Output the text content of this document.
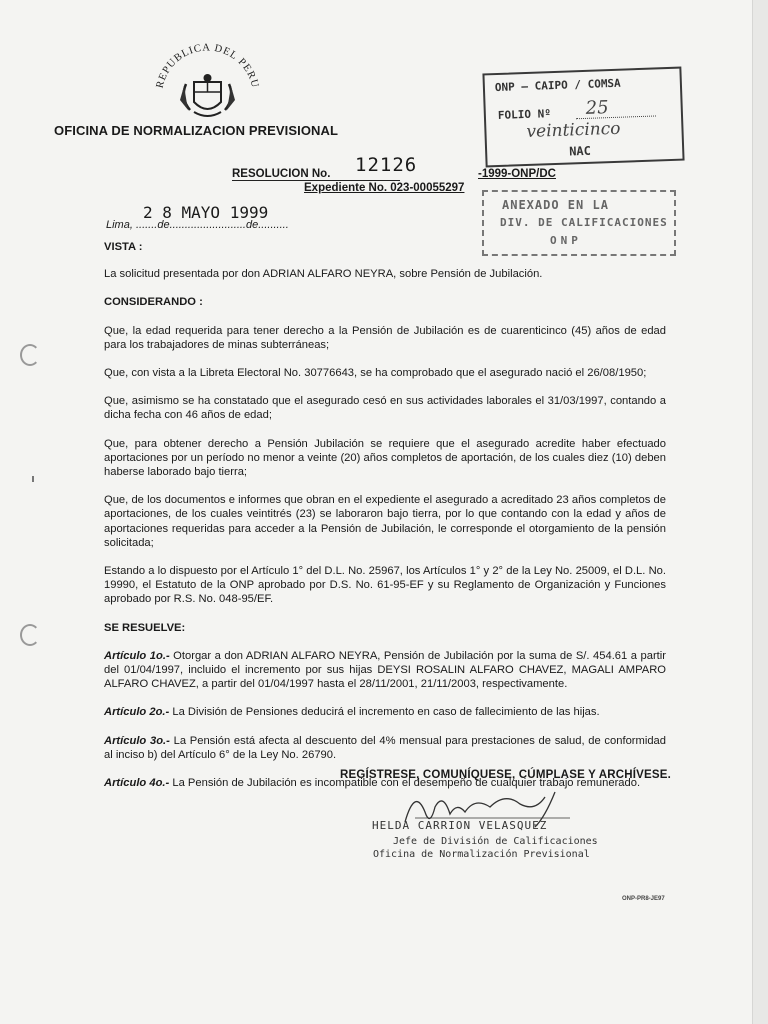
REPUBLICA DEL PERU
OFICINA DE NORMALIZACION PREVISIONAL
ONP – CAIPO / COMSA
FOLIO Nº 25
veinticinco
NAC
ANEXADO EN LA
DIV. DE CALIFICACIONES
ONP
RESOLUCION No.	12126	-1999-ONP/DC
Expediente No. 023-00055297
2 8 MAYO 1999
Lima, .......de.........................de..........

VISTA :

La solicitud presentada por don ADRIAN ALFARO NEYRA, sobre Pensión de Jubilación.

CONSIDERANDO :

Que, la edad requerida para tener derecho a la Pensión de Jubilación es de cuarenticinco (45) años de edad para los trabajadores de minas subterráneas;

Que, con vista a la Libreta Electoral No. 30776643, se ha comprobado que el asegurado nació el 26/08/1950;

Que, asimismo se ha constatado que el asegurado cesó en sus actividades laborales el 31/03/1997, contando a dicha fecha con 46 años de edad;

Que, para obtener derecho a Pensión Jubilación se requiere que el asegurado acredite haber efectuado aportaciones por un período no menor a veinte (20) años completos de aportación, de los cuales diez (10) deben haberse laborado bajo tierra;

Que, de los documentos e informes que obran en el expediente el asegurado a acreditado 23 años completos de aportaciones, de los cuales veintitrés (23) se laboraron bajo tierra, por lo que contando con la edad y años de aportaciones requeridas para acceder a la Pensión de Jubilación, le corresponde el otorgamiento de la pensión solicitada;

Estando a lo dispuesto por el Artículo 1° del D.L. No. 25967, los Artículos 1° y 2° de la Ley No. 25009, el D.L. No. 19990, el Estatuto de la ONP aprobado por D.S. No. 61-95-EF y su Reglamento de Organización y Funciones aprobado por R.S. No. 048-95/EF.

SE RESUELVE:

Artículo 1o.- Otorgar a don ADRIAN ALFARO NEYRA, Pensión de Jubilación por la suma de S/. 454.61 a partir del 01/04/1997, incluido el incremento por sus hijas DEYSI ROSALIN ALFARO CHAVEZ, MAGALI AMPARO ALFARO CHAVEZ, a partir del 01/04/1997 hasta el 28/11/2001, 21/11/2003, respectivamente.

Artículo 2o.- La División de Pensiones deducirá el incremento en caso de fallecimiento de las hijas.

Artículo 3o.- La Pensión está afecta al descuento del 4% mensual para prestaciones de salud, de conformidad al inciso b) del Artículo 6° de la Ley No. 26790.

Artículo 4o.- La Pensión de Jubilación es incompatible con el desempeño de cualquier trabajo remunerado.

REGÍSTRESE, COMUNÍQUESE, CÚMPLASE Y ARCHÍVESE.
HELDA CARRION VELASQUEZ
Jefe de División de Calificaciones
Oficina de Normalización Previsional
ONP-PR8-JE97
